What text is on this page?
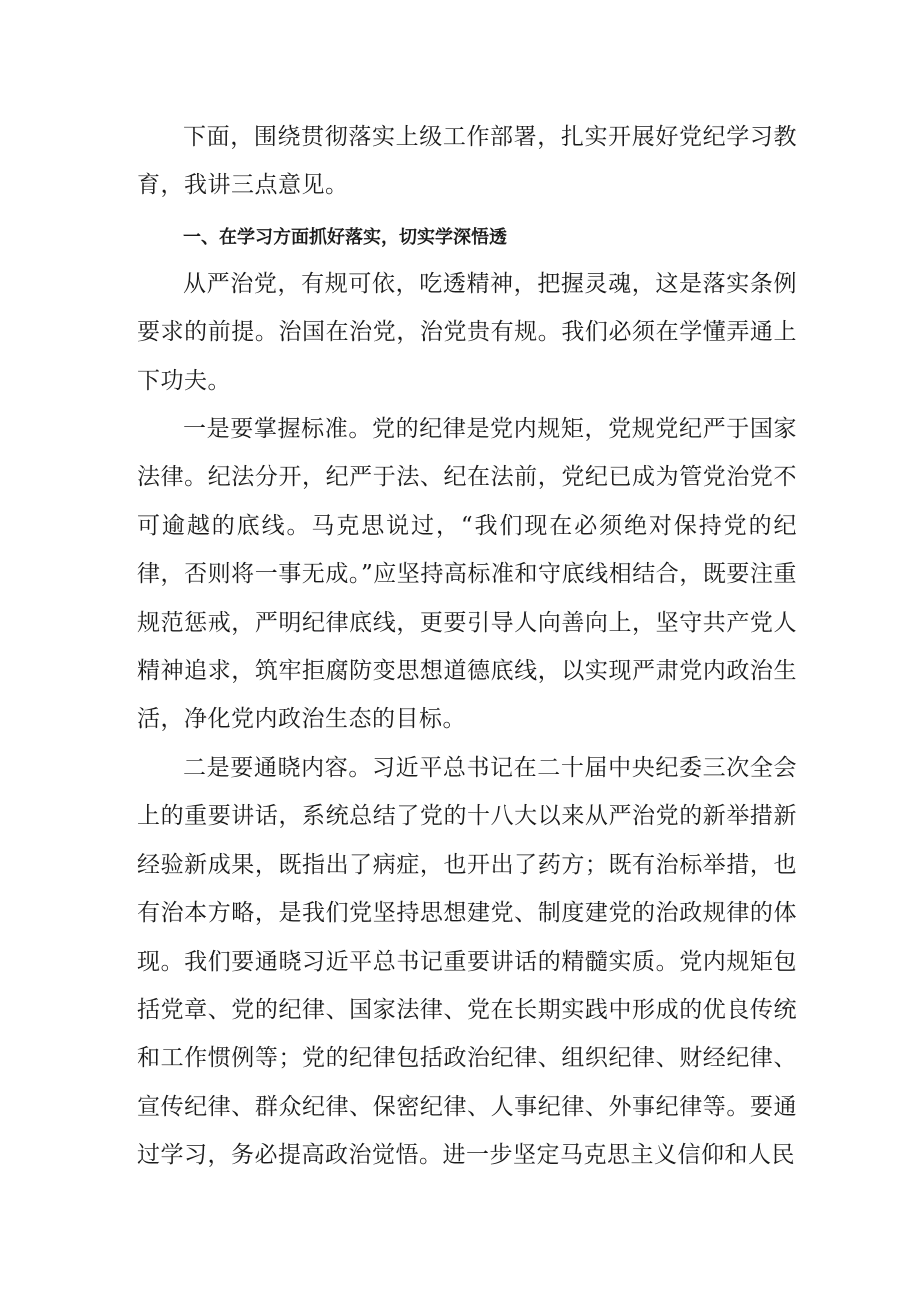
下面，围绕贯彻落实上级工作部署，扎实开展好党纪学习教育，我讲三点意见。

一、在学习方面抓好落实，切实学深悟透

从严治党，有规可依，吃透精神，把握灵魂，这是落实条例要求的前提。治国在治党，治党贵有规。我们必须在学懂弄通上下功夫。

一是要掌握标准。党的纪律是党内规矩，党规党纪严于国家法律。纪法分开，纪严于法、纪在法前，党纪已成为管党治党不可逾越的底线。马克思说过，“我们现在必须绝对保持党的纪律，否则将一事无成。”应坚持高标准和守底线相结合，既要注重规范惩戒，严明纪律底线，更要引导人向善向上，坚守共产党人精神追求，筑牢拒腐防变思想道德底线，以实现严肃党内政治生活，净化党内政治生态的目标。

二是要通晓内容。习近平总书记在二十届中央纪委三次全会上的重要讲话，系统总结了党的十八大以来从严治党的新举措新经验新成果，既指出了病症，也开出了药方；既有治标举措，也有治本方略，是我们党坚持思想建党、制度建党的治政规律的体现。我们要通晓习近平总书记重要讲话的精髓实质。党内规矩包括党章、党的纪律、国家法律、党在长期实践中形成的优良传统和工作惯例等；党的纪律包括政治纪律、组织纪律、财经纪律、宣传纪律、群众纪律、保密纪律、人事纪律、外事纪律等。要通过学习，务必提高政治觉悟。进一步坚定马克思主义信仰和人民
